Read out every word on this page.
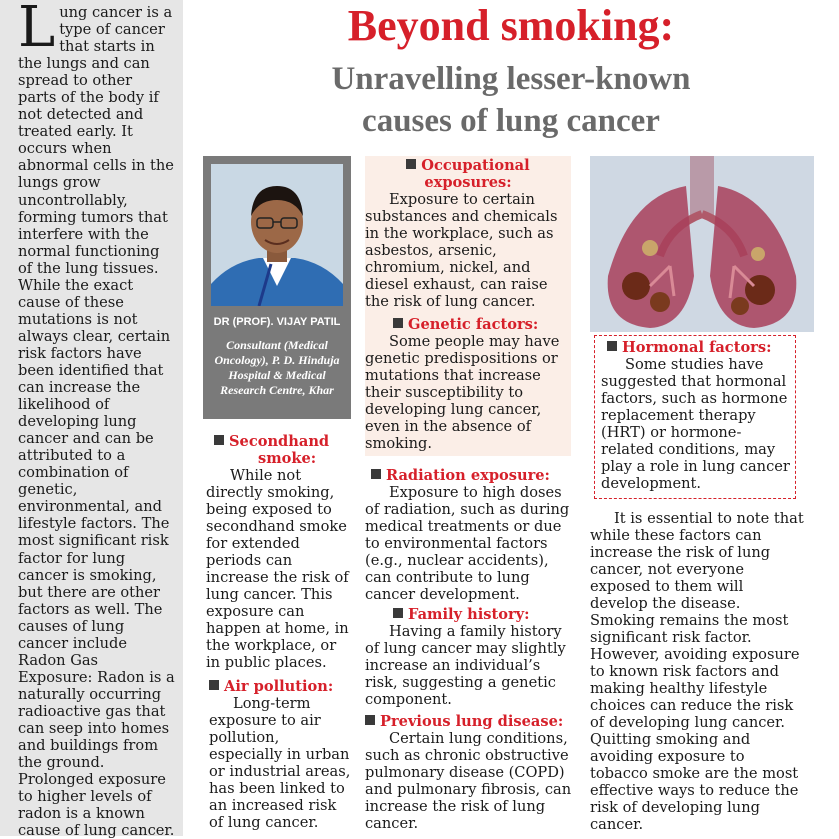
Lung cancer is a type of cancer that starts in the lungs and can spread to other parts of the body if not detected and treated early. It occurs when abnormal cells in the lungs grow uncontrollably, forming tumors that interfere with the normal functioning of the lung tissues. While the exact cause of these mutations is not always clear, certain risk factors have been identified that can increase the likelihood of developing lung cancer and can be attributed to a combination of genetic, environmental, and lifestyle factors. The most significant risk factor for lung cancer is smoking, but there are other factors as well. The causes of lung cancer include Radon Gas Exposure: Radon is a naturally occurring radioactive gas that can seep into homes and buildings from the ground. Prolonged exposure to higher levels of radon is a known cause of lung cancer.

Beyond smoking:
Unravelling lesser-known
causes of lung cancer
DR (PROF). VIJAY PATIL
Consultant (Medical Oncology), P. D. Hinduja Hospital & Medical Research Centre, Khar

Secondhand
smoke:

While not directly smoking, being exposed to secondhand smoke for extended periods can increase the risk of lung cancer. This exposure can happen at home, in the workplace, or in public places.

Air pollution:

Long-term exposure to air pollution, especially in urban or industrial areas, has been linked to an increased risk of lung cancer.

Occupational
exposures:

Exposure to certain substances and chemicals in the workplace, such as asbestos, arsenic, chromium, nickel, and diesel exhaust, can raise the risk of lung cancer.

Genetic factors:

Some people may have genetic predispositions or mutations that increase their susceptibility to developing lung cancer, even in the absence of smoking.

Radiation exposure:

Exposure to high doses of radiation, such as during medical treatments or due to environmental factors (e.g., nuclear accidents), can contribute to lung cancer development.

Family history:

Having a family history of lung cancer may slightly increase an individual’s risk, suggesting a genetic component.

Previous lung disease:

Certain lung conditions, such as chronic obstructive pulmonary disease (COPD) and pulmonary fibrosis, can increase the risk of lung cancer.

Hormonal factors:

Some studies have suggested that hormonal factors, such as hormone replacement therapy (HRT) or hormone-related conditions, may play a role in lung cancer development.

It is essential to note that while these factors can increase the risk of lung cancer, not everyone exposed to them will develop the disease. Smoking remains the most significant risk factor. However, avoiding exposure to known risk factors and making healthy lifestyle choices can reduce the risk of developing lung cancer. Quitting smoking and avoiding exposure to tobacco smoke are the most effective ways to reduce the risk of developing lung cancer.
